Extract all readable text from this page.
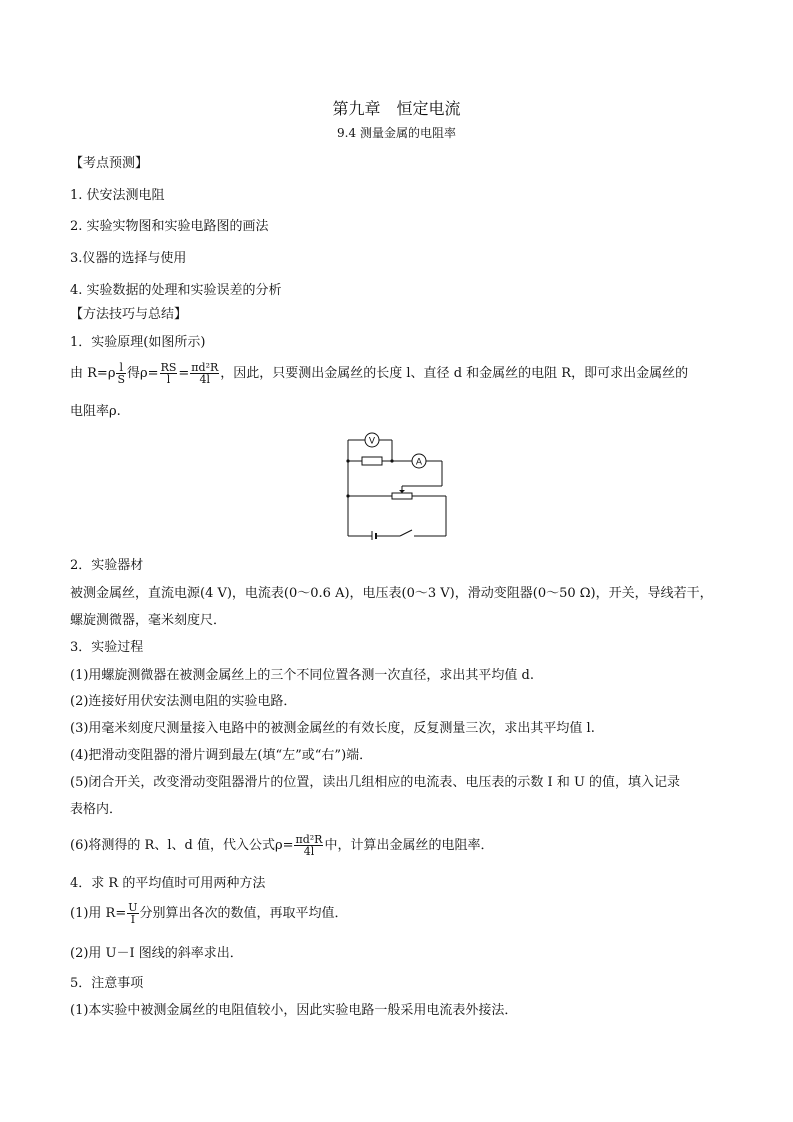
第九章　恒定电流
9.4 测量金属的电阻率
【考点预测】
1. 伏安法测电阻
2. 实验实物图和实验电路图的画法
3.仪器的选择与使用
4. 实验数据的处理和实验误差的分析
【方法技巧与总结】
1．实验原理(如图所示)
由 $R=\rho \frac{l}{S}$ 得$\rho= \frac{RS}{l} = \frac{\text{πd²R}}{4l}$ ，因此，只要测出金属丝的长度 l、直径 d 和金属丝的电阻 R，即可求出金属丝的
电阻率ρ.
V
A
2．实验器材
被测金属丝，直流电源(4 V)，电流表(0～0.6 A)，电压表(0～3 V)，滑动变阻器(0～50 Ω)，开关，导线若干，
螺旋测微器，毫米刻度尺．
3．实验过程
(1)用螺旋测微器在被测金属丝上的三个不同位置各测一次直径，求出其平均值 d.
(2)连接好用伏安法测电阻的实验电路．
(3)用毫米刻度尺测量接入电路中的被测金属丝的有效长度，反复测量三次，求出其平均值 l.
(4)把滑动变阻器的滑片调到最左(填“左”或“右”)端．
(5)闭合开关，改变滑动变阻器滑片的位置，读出几组相应的电流表、电压表的示数 I 和 U 的值，填入记录
表格内．
(6)将测得的 R、l、d 值，代入公式$\rho= \frac{\text{πd²R}}{4l}$ 中，计算出金属丝的电阻率．
4．求 R 的平均值时可用两种方法
(1)用 $R= \frac{U}{I}$ 分别算出各次的数值，再取平均值．
(2)用 U－I 图线的斜率求出．
5．注意事项
(1)本实验中被测金属丝的电阻值较小，因此实验电路一般采用电流表外接法．
